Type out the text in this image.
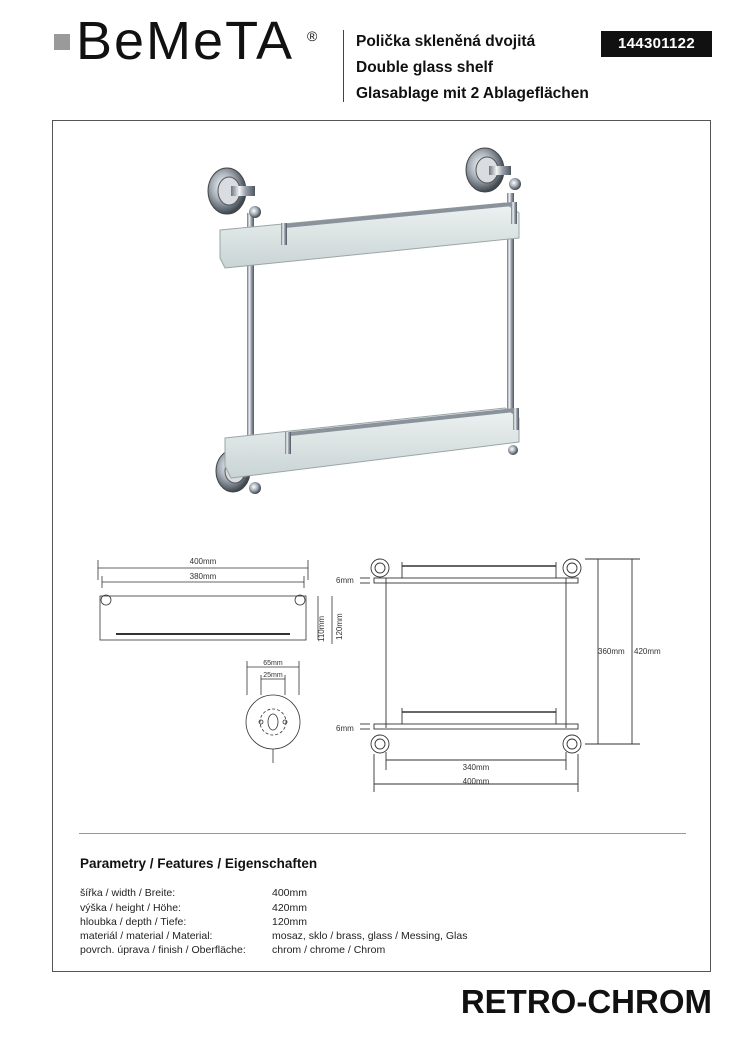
BeMeTA ® Polička skleněná dvojitá
Double glass shelf
Glasablage mit 2 Ablageflächen
144301122
400mm
380mm
110mm 120mm
65mm
25mm
6mm
6mm
360mm 420mm
340mm
400mm
Parametry / Features / Eigenschaften
šířka / width / Breite:	400mm
výška / height / Höhe:	420mm
hloubka / depth / Tiefe:	120mm
materiál / material / Material:	mosaz, sklo / brass, glass / Messing, Glas
povrch. úprava / finish / Oberfläche:	chrom / chrome / Chrom
RETRO-CHROM
